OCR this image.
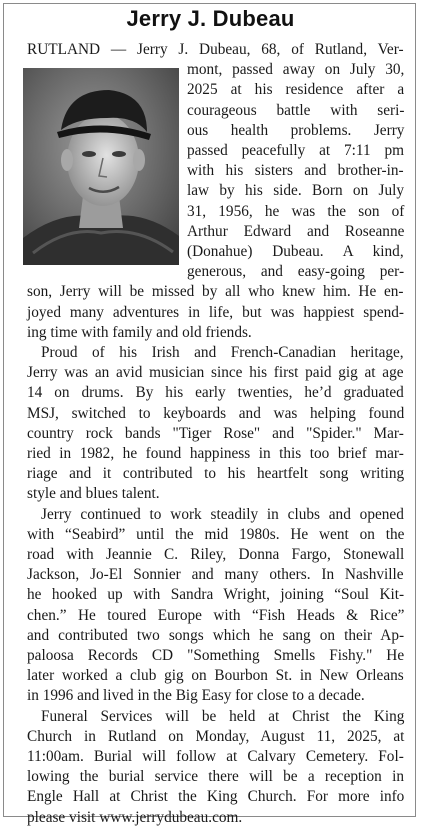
Jerry J. Dubeau
RUTLAND — Jerry J. Dubeau, 68, of Rutland, Ver-
mont, passed away on July 30,
2025 at his residence after a
courageous battle with seri-
ous health problems. Jerry
passed peacefully at 7:11 pm
with his sisters and brother-in-
law by his side. Born on July
31, 1956, he was the son of
Arthur Edward and Roseanne
(Donahue) Dubeau. A kind,
generous, and easy-going per-
son, Jerry will be missed by all who knew him. He en-
joyed many adventures in life, but was happiest spend-
ing time with family and old friends.
Proud of his Irish and French-Canadian heritage,
Jerry was an avid musician since his first paid gig at age
14 on drums. By his early twenties, he’d graduated
MSJ, switched to keyboards and was helping found
country rock bands "Tiger Rose" and "Spider." Mar-
ried in 1982, he found happiness in this too brief mar-
riage and it contributed to his heartfelt song writing
style and blues talent.
Jerry continued to work steadily in clubs and opened
with “Seabird” until the mid 1980s. He went on the
road with Jeannie C. Riley, Donna Fargo, Stonewall
Jackson, Jo-El Sonnier and many others. In Nashville
he hooked up with Sandra Wright, joining “Soul Kit-
chen.” He toured Europe with “Fish Heads & Rice”
and contributed two songs which he sang on their Ap-
paloosa Records CD "Something Smells Fishy." He
later worked a club gig on Bourbon St. in New Orleans
in 1996 and lived in the Big Easy for close to a decade.
Funeral Services will be held at Christ the King
Church in Rutland on Monday, August 11, 2025, at
11:00am. Burial will follow at Calvary Cemetery. Fol-
lowing the burial service there will be a reception in
Engle Hall at Christ the King Church. For more info
please visit www.jerrydubeau.com.
